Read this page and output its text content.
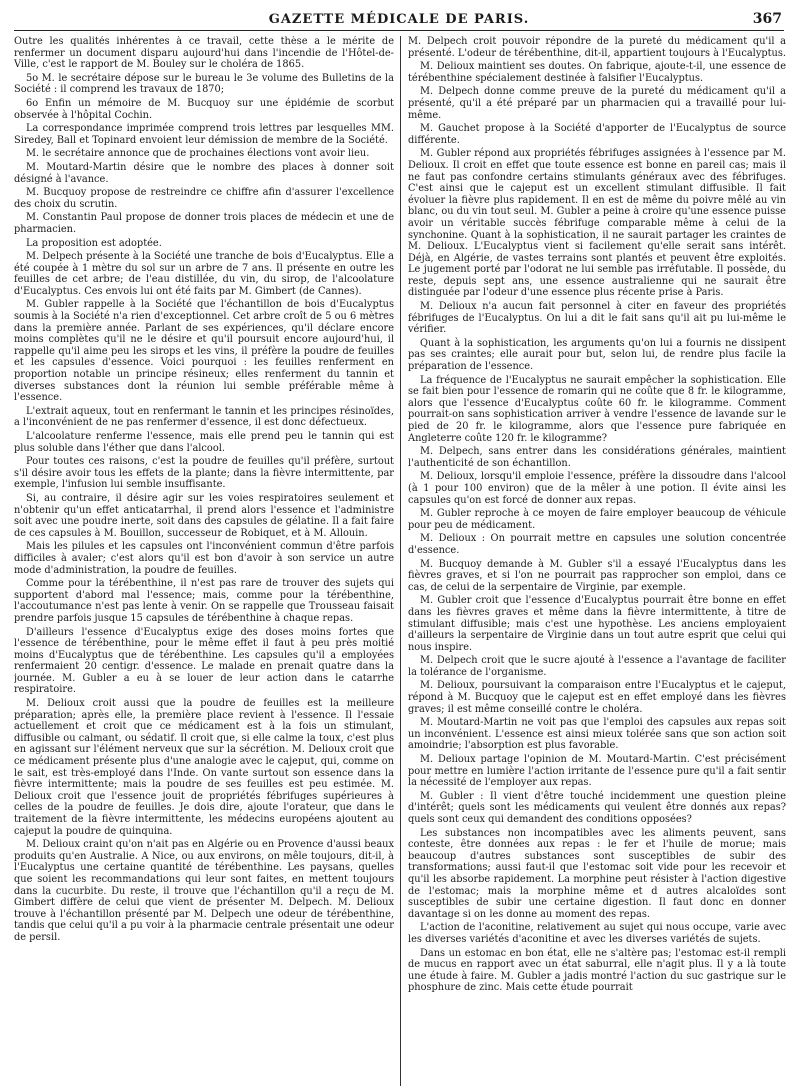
GAZETTE MÉDICALE DE PARIS.	367

Outre les qualités inhérentes à ce travail, cette thèse a le mérite de renfermer un document disparu aujourd'hui dans l'incendie de l'Hôtel-de-Ville, c'est le rapport de M. Bouley sur le choléra de 1865.

5o M. le secrétaire dépose sur le bureau le 3e volume des Bulletins de la Société : il comprend les travaux de 1870;

6o Enfin un mémoire de M. Bucquoy sur une épidémie de scorbut observée à l'hôpital Cochin.

La correspondance imprimée comprend trois lettres par lesquelles MM. Siredey, Ball et Topinard envoient leur démission de membre de la Société.

M. le secrétaire annonce que de prochaines élections vont avoir lieu.

M. Moutard-Martin désire que le nombre des places à donner soit désigné à l'avance.

M. Bucquoy propose de restreindre ce chiffre afin d'assurer l'excellence des choix du scrutin.

M. Constantin Paul propose de donner trois places de médecin et une de pharmacien.

La proposition est adoptée.

M. Delpech présente à la Société une tranche de bois d'Eucalyptus. Elle a été coupée à 1 mètre du sol sur un arbre de 7 ans. Il présente en outre les feuilles de cet arbre; de l'eau distillée, du vin, du sirop, de l'alcoolature d'Eucalyptus. Ces envois lui ont été faits par M. Gimbert (de Cannes).

M. Gubler rappelle à la Société que l'échantillon de bois d'Eucalyptus soumis à la Société n'a rien d'exceptionnel. Cet arbre croît de 5 ou 6 mètres dans la première année. Parlant de ses expériences, qu'il déclare encore moins complètes qu'il ne le désire et qu'il poursuit encore aujourd'hui, il rappelle qu'il aime peu les sirops et les vins, il préfère la poudre de feuilles et les capsules d'essence. Voici pourquoi : les feuilles renferment en proportion notable un principe résineux; elles renferment du tannin et diverses substances dont la réunion lui semble préférable même à l'essence.

L'extrait aqueux, tout en renfermant le tannin et les principes résinoïdes, a l'inconvénient de ne pas renfermer d'essence, il est donc défectueux.

L'alcoolature renferme l'essence, mais elle prend peu le tannin qui est plus soluble dans l'éther que dans l'alcool.

Pour toutes ces raisons, c'est la poudre de feuilles qu'il préfère, surtout s'il désire avoir tous les effets de la plante; dans la fièvre intermittente, par exemple, l'infusion lui semble insuffisante.

Si, au contraire, il désire agir sur les voies respiratoires seulement et n'obtenir qu'un effet anticatarrhal, il prend alors l'essence et l'administre soit avec une poudre inerte, soit dans des capsules de gélatine. Il a fait faire de ces capsules à M. Bouillon, successeur de Robiquet, et à M. Allouin.

Mais les pilules et les capsules ont l'inconvénient commun d'être parfois difficiles à avaler; c'est alors qu'il est bon d'avoir à son service un autre mode d'administration, la poudre de feuilles.

Comme pour la térébenthine, il n'est pas rare de trouver des sujets qui supportent d'abord mal l'essence; mais, comme pour la térébenthine, l'accoutumance n'est pas lente à venir. On se rappelle que Trousseau faisait prendre parfois jusque 15 capsules de térébenthine à chaque repas.

D'ailleurs l'essence d'Eucalyptus exige des doses moins fortes que l'essence de térébenthine, pour le même effet il faut à peu près moitié moins d'Eucalyptus que de térébenthine. Les capsules qu'il a employées renfermaient 20 centigr. d'essence. Le malade en prenait quatre dans la journée. M. Gubler a eu à se louer de leur action dans le catarrhe respiratoire.

M. Delioux croit aussi que la poudre de feuilles est la meilleure préparation; après elle, la première place revient à l'essence. Il l'essaie actuellement et croit que ce médicament est à la fois un stimulant, diffusible ou calmant, ou sédatif. Il croit que, si elle calme la toux, c'est plus en agissant sur l'élément nerveux que sur la sécrétion. M. Delioux croit que ce médicament présente plus d'une analogie avec le cajeput, qui, comme on le sait, est très-employé dans l'Inde. On vante surtout son essence dans la fièvre intermittente; mais la poudre de ses feuilles est peu estimée. M. Delioux croit que l'essence jouit de propriétés fébrifuges supérieures à celles de la poudre de feuilles. Je dois dire, ajoute l'orateur, que dans le traitement de la fièvre intermittente, les médecins européens ajoutent au cajeput la poudre de quinquina.

M. Delioux craint qu'on n'ait pas en Algérie ou en Provence d'aussi beaux produits qu'en Australie. A Nice, ou aux environs, on mêle toujours, dit-il, à l'Eucalyptus une certaine quantité de térébenthine. Les paysans, quelles que soient les recommandations qui leur sont faites, en mettent toujours dans la cucurbite. Du reste, il trouve que l'échantillon qu'il a reçu de M. Gimbert diffère de celui que vient de présenter M. Delpech. M. Delioux trouve à l'échantillon présenté par M. Delpech une odeur de térébenthine, tandis que celui qu'il a pu voir à la pharmacie centrale présentait une odeur de persil.

M. Delpech croit pouvoir répondre de la pureté du médicament qu'il a présenté. L'odeur de térébenthine, dit-il, appartient toujours à l'Eucalyptus.

M. Delioux maintient ses doutes. On fabrique, ajoute-t-il, une essence de térébenthine spécialement destinée à falsifier l'Eucalyptus.

M. Delpech donne comme preuve de la pureté du médicament qu'il a présenté, qu'il a été préparé par un pharmacien qui a travaillé pour lui-même.

M. Gauchet propose à la Société d'apporter de l'Eucalyptus de source différente.

M. Gubler répond aux propriétés fébrifuges assignées à l'essence par M. Delioux. Il croit en effet que toute essence est bonne en pareil cas; mais il ne faut pas confondre certains stimulants généraux avec des fébrifuges. C'est ainsi que le cajeput est un excellent stimulant diffusible. Il fait évoluer la fièvre plus rapidement. Il en est de même du poivre mêlé au vin blanc, ou du vin tout seul. M. Gubler a peine à croire qu'une essence puisse avoir un véritable succès fébrifuge comparable même à celui de la synchonine. Quant à la sophistication, il ne saurait partager les craintes de M. Delioux. L'Eucalyptus vient si facilement qu'elle serait sans intérêt. Déjà, en Algérie, de vastes terrains sont plantés et peuvent être exploités. Le jugement porté par l'odorat ne lui semble pas irréfutable. Il possède, du reste, depuis sept ans, une essence australienne qui ne saurait être distinguée par l'odeur d'une essence plus récente prise à Paris.

M. Delioux n'a aucun fait personnel à citer en faveur des propriétés fébrifuges de l'Eucalyptus. On lui a dit le fait sans qu'il ait pu lui-même le vérifier.

Quant à la sophistication, les arguments qu'on lui a fournis ne dissipent pas ses craintes; elle aurait pour but, selon lui, de rendre plus facile la préparation de l'essence.

La fréquence de l'Eucalyptus ne saurait empêcher la sophistication. Elle se fait bien pour l'essence de romarin qui ne coûte que 8 fr. le kilogramme, alors que l'essence d'Eucalyptus coûte 60 fr. le kilogramme. Comment pourrait-on sans sophistication arriver à vendre l'essence de lavande sur le pied de 20 fr. le kilogramme, alors que l'essence pure fabriquée en Angleterre coûte 120 fr. le kilogramme?

M. Delpech, sans entrer dans les considérations générales, maintient l'authenticité de son échantillon.

M. Delioux, lorsqu'il emploie l'essence, préfère la dissoudre dans l'alcool (à 1 pour 100 environ) que de la mêler à une potion. Il évite ainsi les capsules qu'on est forcé de donner aux repas.

M. Gubler reproche à ce moyen de faire employer beaucoup de véhicule pour peu de médicament.

M. Delioux : On pourrait mettre en capsules une solution concentrée d'essence.

M. Bucquoy demande à M. Gubler s'il a essayé l'Eucalyptus dans les fièvres graves, et si l'on ne pourrait pas rapprocher son emploi, dans ce cas, de celui de la serpentaire de Virginie, par exemple.

M. Gubler croit que l'essence d'Eucalyptus pourrait être bonne en effet dans les fièvres graves et même dans la fièvre intermittente, à titre de stimulant diffusible; mais c'est une hypothèse. Les anciens employaient d'ailleurs la serpentaire de Virginie dans un tout autre esprit que celui qui nous inspire.

M. Delpech croit que le sucre ajouté à l'essence a l'avantage de faciliter la tolérance de l'organisme.

M. Delioux, poursuivant la comparaison entre l'Eucalyptus et le cajeput, répond à M. Bucquoy que le cajeput est en effet employé dans les fièvres graves; il est même conseillé contre le choléra.

M. Moutard-Martin ne voit pas que l'emploi des capsules aux repas soit un inconvénient. L'essence est ainsi mieux tolérée sans que son action soit amoindrie; l'absorption est plus favorable.

M. Delioux partage l'opinion de M. Moutard-Martin. C'est précisément pour mettre en lumière l'action irritante de l'essence pure qu'il a fait sentir la nécessité de l'employer aux repas.

M. Gubler : Il vient d'être touché incidemment une question pleine d'intérêt; quels sont les médicaments qui veulent être donnés aux repas? quels sont ceux qui demandent des conditions opposées?

Les substances non incompatibles avec les aliments peuvent, sans conteste, être données aux repas : le fer et l'huile de morue; mais beaucoup d'autres substances sont susceptibles de subir des transformations; aussi faut-il que l'estomac soit vide pour les recevoir et qu'il les absorbe rapidement. La morphine peut résister à l'action digestive de l'estomac; mais la morphine même et d autres alcaloïdes sont susceptibles de subir une certaine digestion. Il faut donc en donner davantage si on les donne au moment des repas.

L'action de l'aconitine, relativement au sujet qui nous occupe, varie avec les diverses variétés d'aconitine et avec les diverses variétés de sujets.

Dans un estomac en bon état, elle ne s'altère pas; l'estomac est-il rempli de mucus en rapport avec un état saburral, elle n'agit plus. Il y a là toute une étude à faire. M. Gubler a jadis montré l'action du suc gastrique sur le phosphure de zinc. Mais cette étude pourrait
